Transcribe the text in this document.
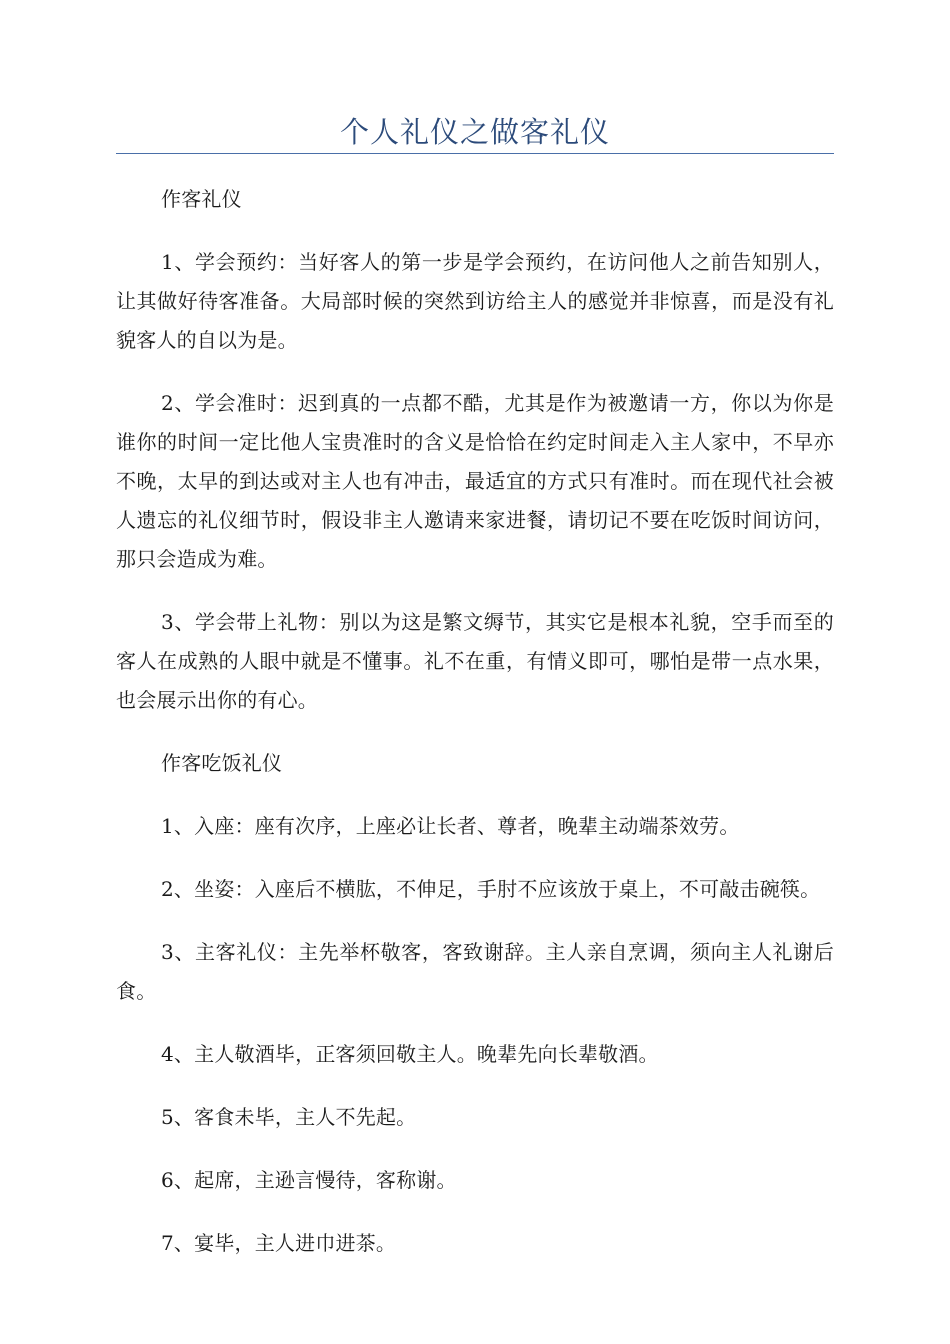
个人礼仪之做客礼仪

作客礼仪

1、学会预约：当好客人的第一步是学会预约，在访问他人之前告知别人，让其做好待客准备。大局部时候的突然到访给主人的感觉并非惊喜，而是没有礼貌客人的自以为是。

2、学会准时：迟到真的一点都不酷，尤其是作为被邀请一方，你以为你是谁你的时间一定比他人宝贵准时的含义是恰恰在约定时间走入主人家中，不早亦不晚，太早的到达或对主人也有冲击，最适宜的方式只有准时。而在现代社会被人遗忘的礼仪细节时，假设非主人邀请来家进餐，请切记不要在吃饭时间访问，那只会造成为难。

3、学会带上礼物：别以为这是繁文缛节，其实它是根本礼貌，空手而至的客人在成熟的人眼中就是不懂事。礼不在重，有情义即可，哪怕是带一点水果，也会展示出你的有心。

作客吃饭礼仪

1、入座：座有次序，上座必让长者、尊者，晚辈主动端茶效劳。

2、坐姿：入座后不横肱，不伸足，手肘不应该放于桌上，不可敲击碗筷。

3、主客礼仪：主先举杯敬客，客致谢辞。主人亲自烹调，须向主人礼谢后食。

4、主人敬酒毕，正客须回敬主人。晚辈先向长辈敬酒。

5、客食未毕，主人不先起。

6、起席，主逊言慢待，客称谢。

7、宴毕，主人进巾进茶。
